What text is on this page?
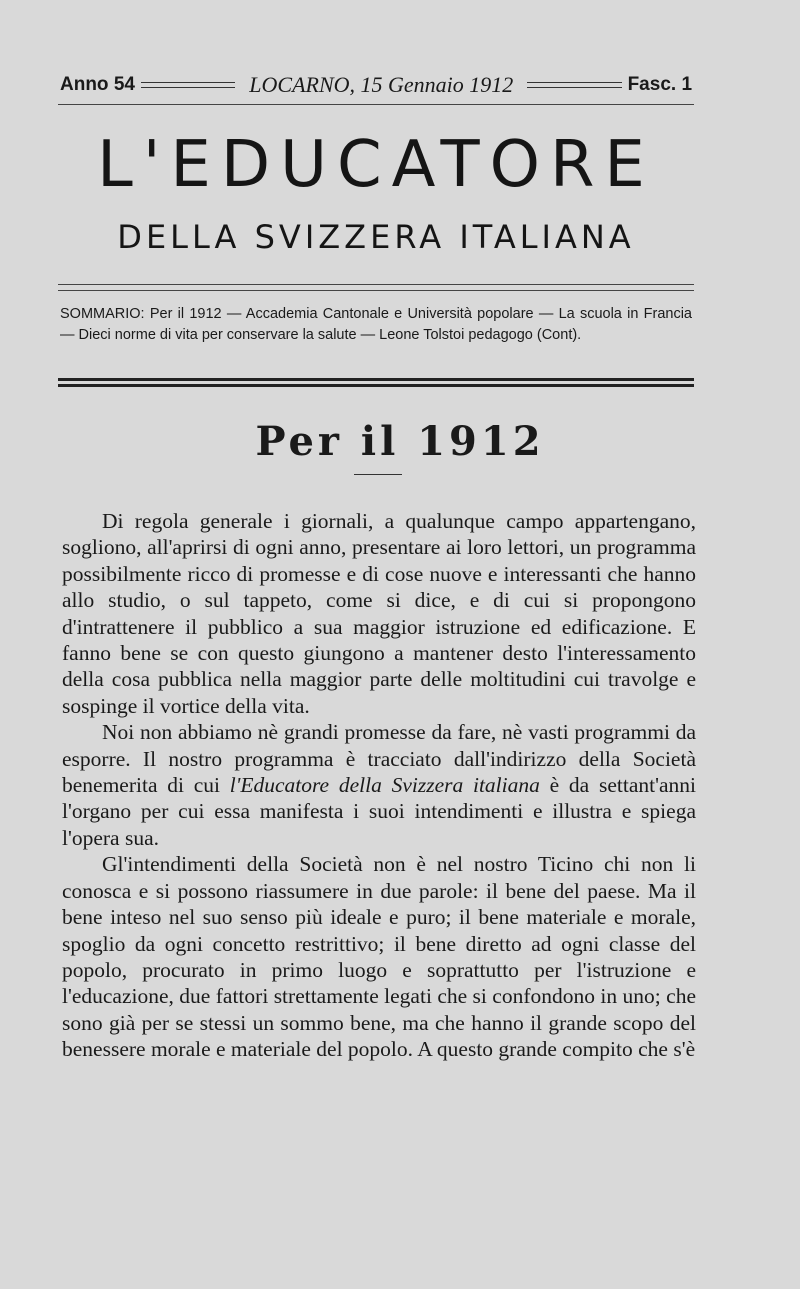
Anno 54	LOCARNO, 15 Gennaio 1912	Fasc. 1
L'EDUCATORE
DELLA SVIZZERA ITALIANA
SOMMARIO: Per il 1912 — Accademia Cantonale e Università popolare — La scuola in Francia — Dieci norme di vita per conservare la salute — Leone Tolstoi pedagogo (Cont).
Per il 1912

Di regola generale i giornali, a qualunque campo appartengano, sogliono, all'aprirsi di ogni anno, presentare ai loro lettori, un programma possibilmente ricco di promesse e di cose nuove e interessanti che hanno allo studio, o sul tappeto, come si dice, e di cui si propongono d'intrattenere il pubblico a sua maggior istruzione ed edificazione. E fanno bene se con questo giungono a mantener desto l'interessamento della cosa pubblica nella maggior parte delle moltitudini cui travolge e sospinge il vortice della vita.

Noi non abbiamo nè grandi promesse da fare, nè vasti programmi da esporre. Il nostro programma è tracciato dall'indirizzo della Società benemerita di cui l'Educatore della Svizzera italiana è da settant'anni l'organo per cui essa manifesta i suoi intendimenti e illustra e spiega l'opera sua.

Gl'intendimenti della Società non è nel nostro Ticino chi non li conosca e si possono riassumere in due parole: il bene del paese. Ma il bene inteso nel suo senso più ideale e puro; il bene materiale e morale, spoglio da ogni concetto restrittivo; il bene diretto ad ogni classe del popolo, procurato in primo luogo e soprattutto per l'istruzione e l'educazione, due fattori strettamente legati che si confondono in uno; che sono già per se stessi un sommo bene, ma che hanno il grande scopo del benessere morale e materiale del popolo. A questo grande compito che s'è
